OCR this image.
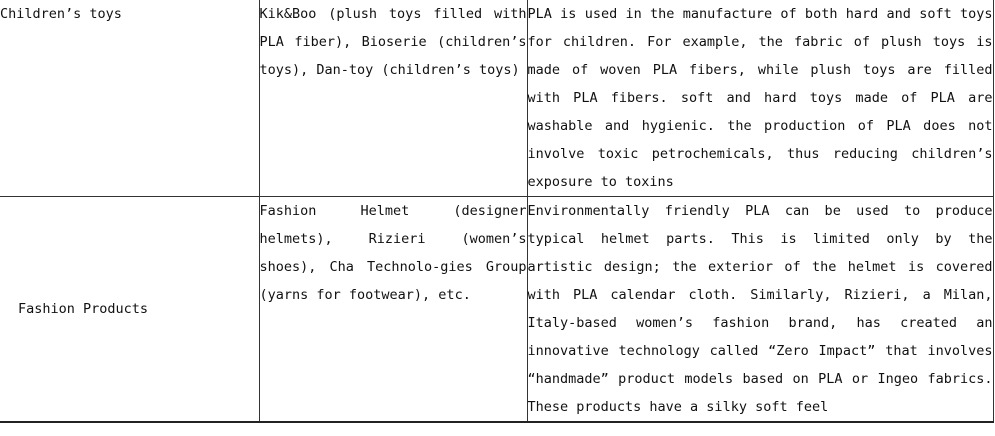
Children’s toys	Kik&Boo (plush toys filled with PLA fiber), Bioserie (children’s toys), Dan-toy (children’s toys)	PLA is used in the manufacture of both hard and soft toys for children. For example, the fabric of plush toys is made of woven PLA fibers, while plush toys are filled with PLA fibers. soft and hard toys made of PLA are washable and hygienic. the production of PLA does not involve toxic petrochemicals, thus reducing children’s exposure to toxins
Fashion Products	Fashion Helmet (designer helmets), Rizieri (women’s shoes), Cha Technolo-gies Group (yarns for footwear), etc.	Environmentally friendly PLA can be used to produce typical helmet parts. This is limited only by the artistic design; the exterior of the helmet is covered with PLA calendar cloth. Similarly, Rizieri, a Milan, Italy-based women’s fashion brand, has created an innovative technology called “Zero Impact” that involves “handmade” product models based on PLA or Ingeo fabrics. These products have a silky soft feel
